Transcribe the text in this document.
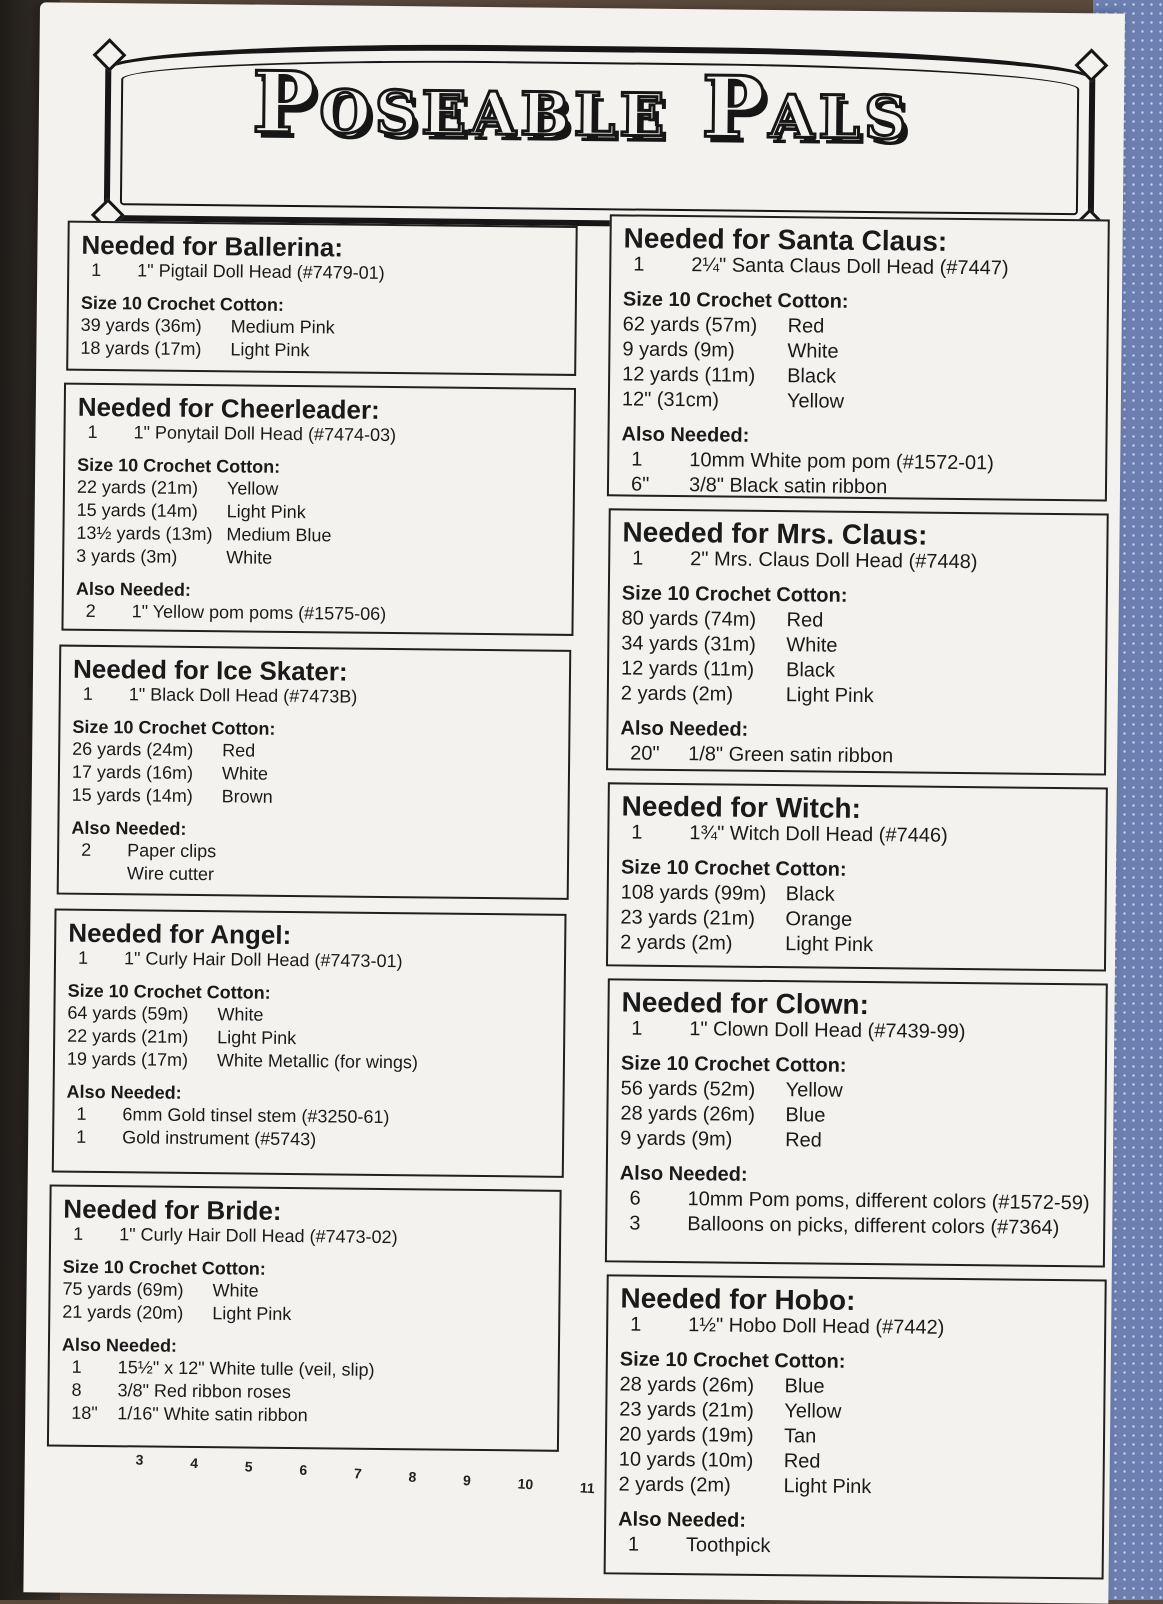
Poseable Pals
Needed for Ballerina:
1	1" Pigtail Doll Head (#7479-01)
Size 10 Crochet Cotton:
39 yards (36m)	Medium Pink
18 yards (17m)	Light Pink
Needed for Cheerleader:
1	1" Ponytail Doll Head (#7474-03)
Size 10 Crochet Cotton:
22 yards (21m)	Yellow
15 yards (14m)	Light Pink
13½ yards (13m) Medium Blue
3 yards (3m)	White
Also Needed:
2	1" Yellow pom poms (#1575-06)
Needed for Ice Skater:
1	1" Black Doll Head (#7473B)
Size 10 Crochet Cotton:
26 yards (24m)	Red
17 yards (16m)	White
15 yards (14m)	Brown
Also Needed:
2	Paper clips
Wire cutter
Needed for Angel:
1	1" Curly Hair Doll Head (#7473-01)
Size 10 Crochet Cotton:
64 yards (59m)	White
22 yards (21m)	Light Pink
19 yards (17m)	White Metallic (for wings)
Also Needed:
1	6mm Gold tinsel stem (#3250-61)
1	Gold instrument (#5743)
Needed for Bride:
1	1" Curly Hair Doll Head (#7473-02)
Size 10 Crochet Cotton:
75 yards (69m)	White
21 yards (20m)	Light Pink
Also Needed:
1	15½" x 12" White tulle (veil, slip)
8	3/8" Red ribbon roses
18"	1/16" White satin ribbon
Needed for Santa Claus:
1	2¼" Santa Claus Doll Head (#7447)
Size 10 Crochet Cotton:
62 yards (57m)	Red
9 yards (9m)	White
12 yards (11m)	Black
12" (31cm)	Yellow
Also Needed:
1	10mm White pom pom (#1572-01)
6"	3/8" Black satin ribbon
Needed for Mrs. Claus:
1	2" Mrs. Claus Doll Head (#7448)
Size 10 Crochet Cotton:
80 yards (74m)	Red
34 yards (31m)	White
12 yards (11m)	Black
2 yards (2m)	Light Pink
Also Needed:
20"	1/8" Green satin ribbon
Needed for Witch:
1	1¾" Witch Doll Head (#7446)
Size 10 Crochet Cotton:
108 yards (99m) Black
23 yards (21m)	Orange
2 yards (2m)	Light Pink
Needed for Clown:
1	1" Clown Doll Head (#7439-99)
Size 10 Crochet Cotton:
56 yards (52m)	Yellow
28 yards (26m)	Blue
9 yards (9m)	Red
Also Needed:
6	10mm Pom poms, different colors (#1572-59)
3	Balloons on picks, different colors (#7364)
Needed for Hobo:
1	1½" Hobo Doll Head (#7442)
Size 10 Crochet Cotton:
28 yards (26m)	Blue
23 yards (21m)	Yellow
20 yards (19m)	Tan
10 yards (10m)	Red
2 yards (2m)	Light Pink
Also Needed:
1	Toothpick
3	4	5	6	7	8	9	10	11
